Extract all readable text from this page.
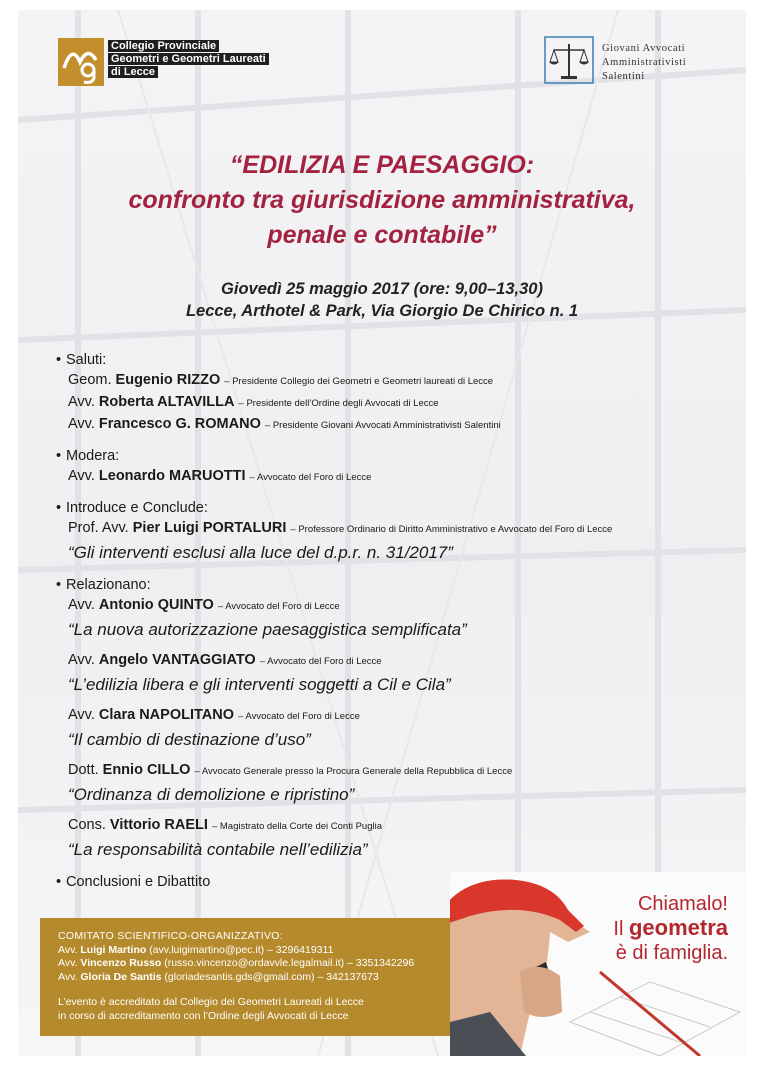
Collegio Provinciale
Geometri e Geometri Laureati
di Lecce
Giovani Avvocati
Amministrativisti
Salentini
“EDILIZIA E PAESAGGIO:
confronto tra giurisdizione amministrativa,
penale e contabile”
Giovedì 25 maggio 2017 (ore: 9,00–13,30)
Lecce, Arthotel & Park, Via Giorgio De Chirico n. 1
• Saluti:
Geom. Eugenio RIZZO – Presidente Collegio dei Geometri e Geometri laureati di Lecce
Avv. Roberta ALTAVILLA – Presidente dell’Ordine degli Avvocati di Lecce
Avv. Francesco G. ROMANO – Presidente Giovani Avvocati Amministrativisti Salentini
• Modera:
Avv. Leonardo MARUOTTI – Avvocato del Foro di Lecce
• Introduce e Conclude:
Prof. Avv. Pier Luigi PORTALURI – Professore Ordinario di Diritto Amministrativo e Avvocato del Foro di Lecce
“Gli interventi esclusi alla luce del d.p.r. n. 31/2017”
• Relazionano:
Avv. Antonio QUINTO – Avvocato del Foro di Lecce
“La nuova autorizzazione paesaggistica semplificata”
Avv. Angelo VANTAGGIATO – Avvocato del Foro di Lecce
“L’edilizia libera e gli interventi soggetti a Cil e Cila”
Avv. Clara NAPOLITANO – Avvocato del Foro di Lecce
“Il cambio di destinazione d’uso”
Dott. Ennio CILLO – Avvocato Generale presso la Procura Generale della Repubblica di Lecce
“Ordinanza di demolizione e ripristino”
Cons. Vittorio RAELI – Magistrato della Corte dei Conti Puglia
“La responsabilità contabile nell’edilizia”
• Conclusioni e Dibattito
COMITATO SCIENTIFICO-ORGANIZZATIVO:
Avv. Luigi Martino (avv.luigimartino@pec.it) – 3296419311
Avv. Vincenzo Russo (russo.vincenzo@ordavvle.legalmail.it) – 3351342296
Avv. Gloria De Santis (gloriadesantis.gds@gmail.com) – 342137673
L’evento è accreditato dal Collegio dei Geometri Laureati di Lecce
in corso di accreditamento con l’Ordine degli Avvocati di Lecce
Chiamalo!
Il geometra
è di famiglia.
